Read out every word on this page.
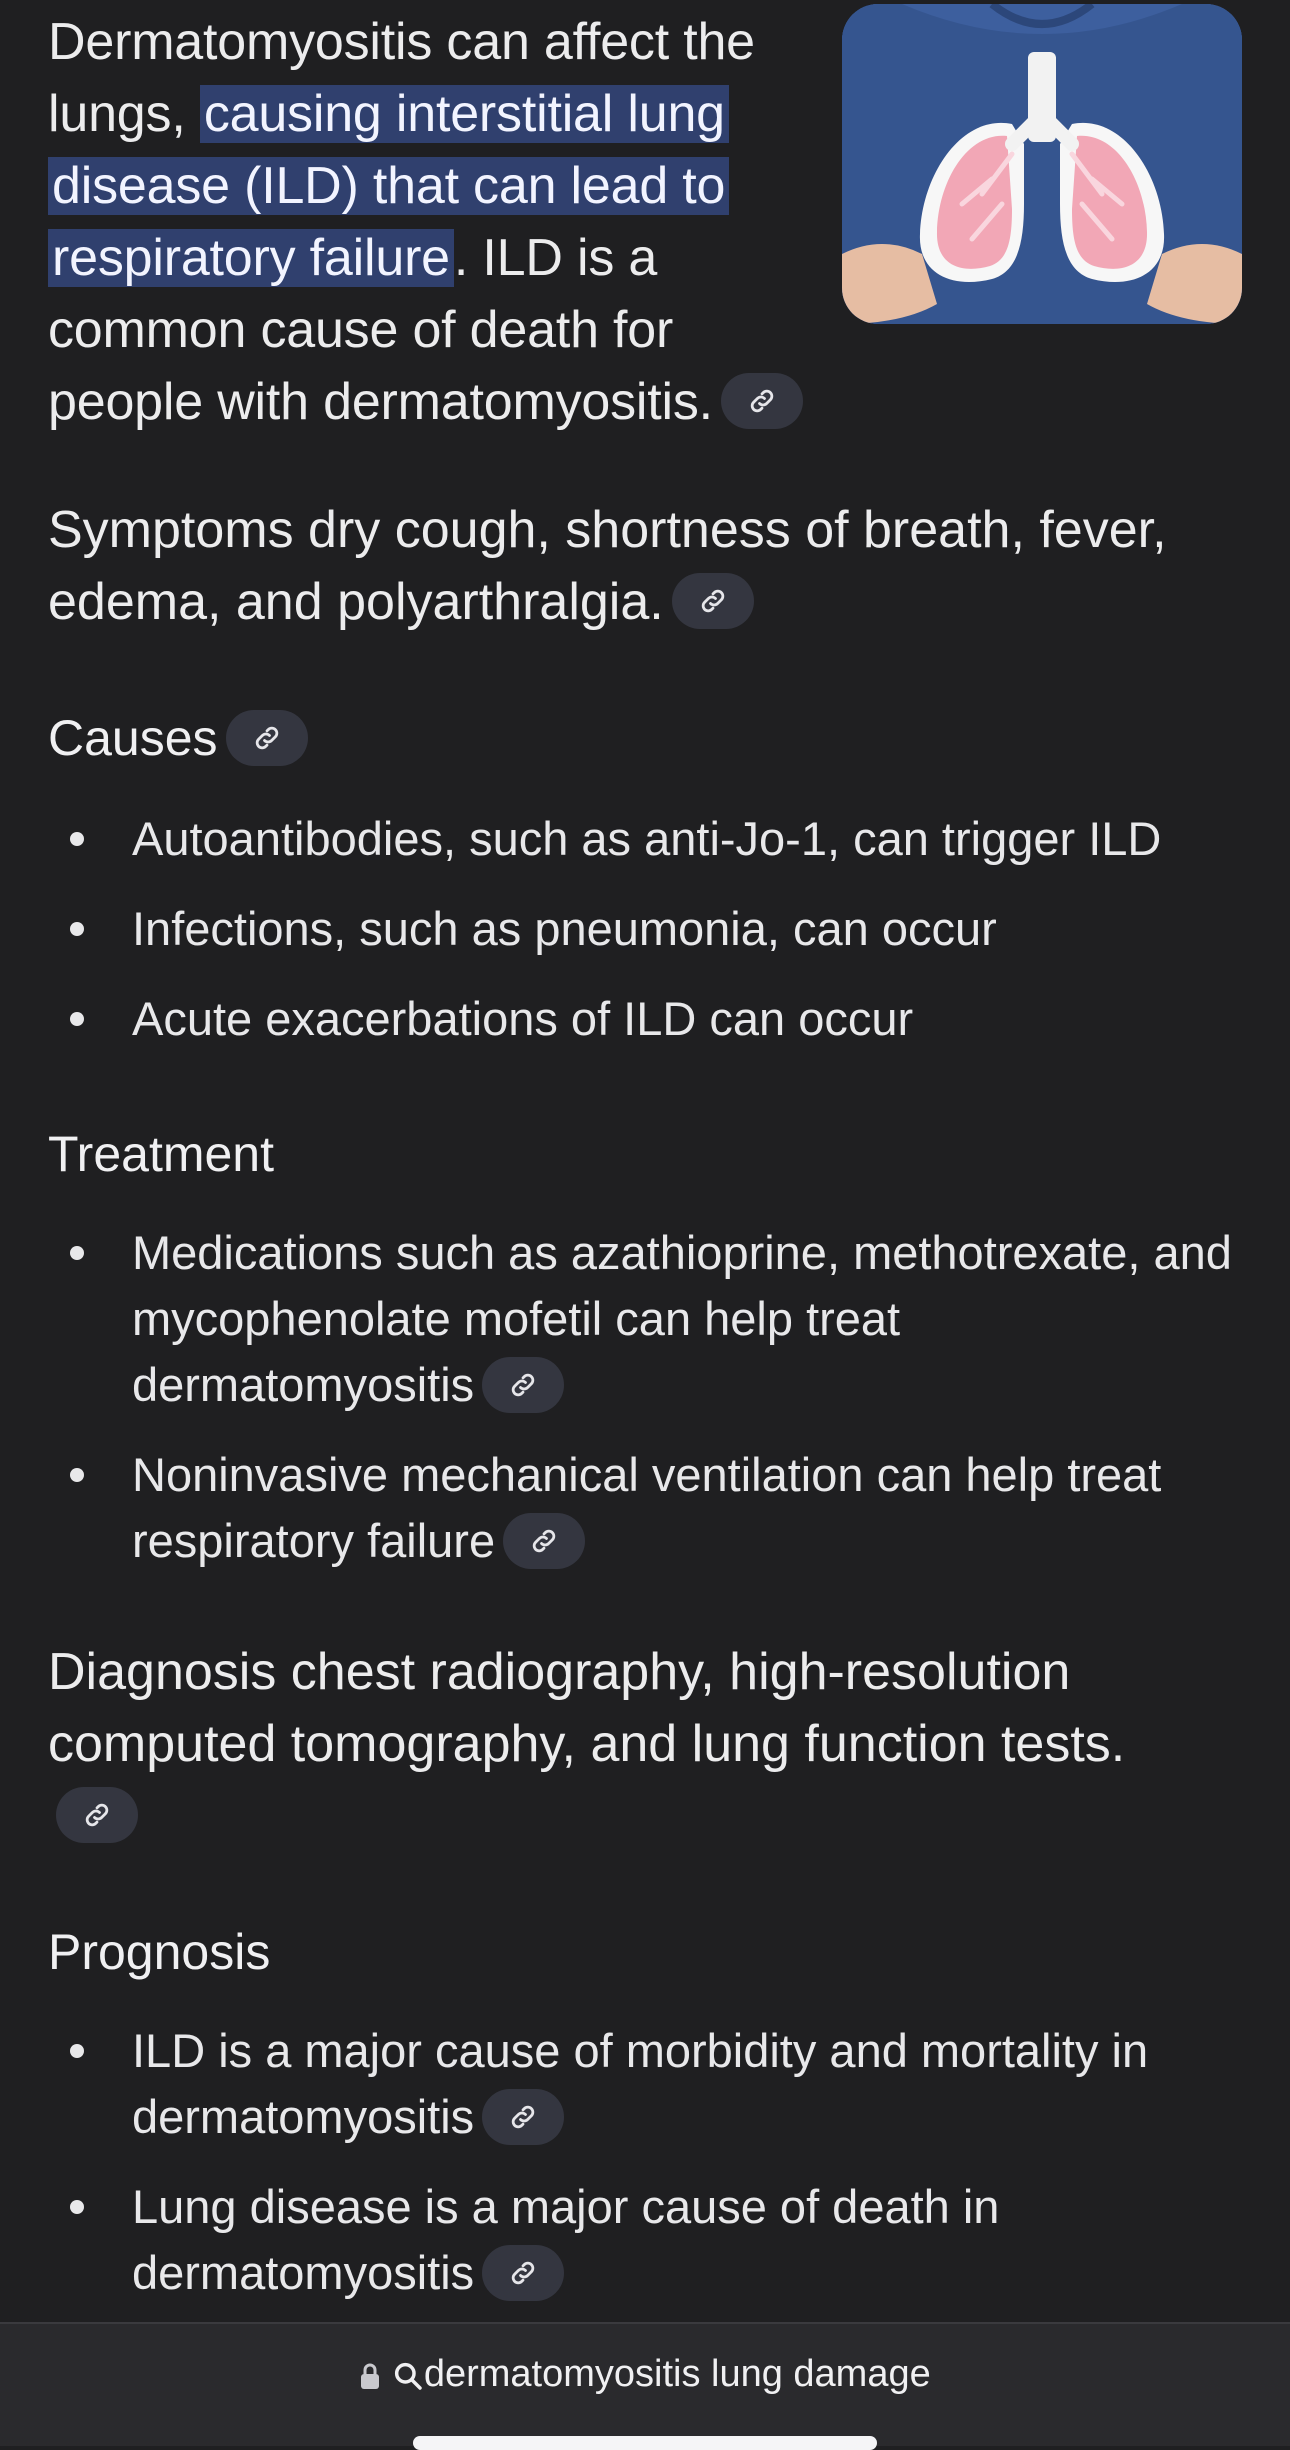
Dermatomyositis can affect the lungs, causing interstitial lung disease (ILD) that can lead to respiratory failure. ILD is a common cause of death for people with dermatomyositis.
Symptoms dry cough, shortness of breath, fever, edema, and polyarthralgia.
Causes
Autoantibodies, such as anti-Jo-1, can trigger ILD
Infections, such as pneumonia, can occur
Acute exacerbations of ILD can occur
Treatment
Medications such as azathioprine, methotrexate, and mycophenolate mofetil can help treat dermatomyositis
Noninvasive mechanical ventilation can help treat respiratory failure
Diagnosis chest radiography, high-resolution computed tomography, and lung function tests.
Prognosis
ILD is a major cause of morbidity and mortality in dermatomyositis
Lung disease is a major cause of death in dermatomyositis
dermatomyositis lung damage
